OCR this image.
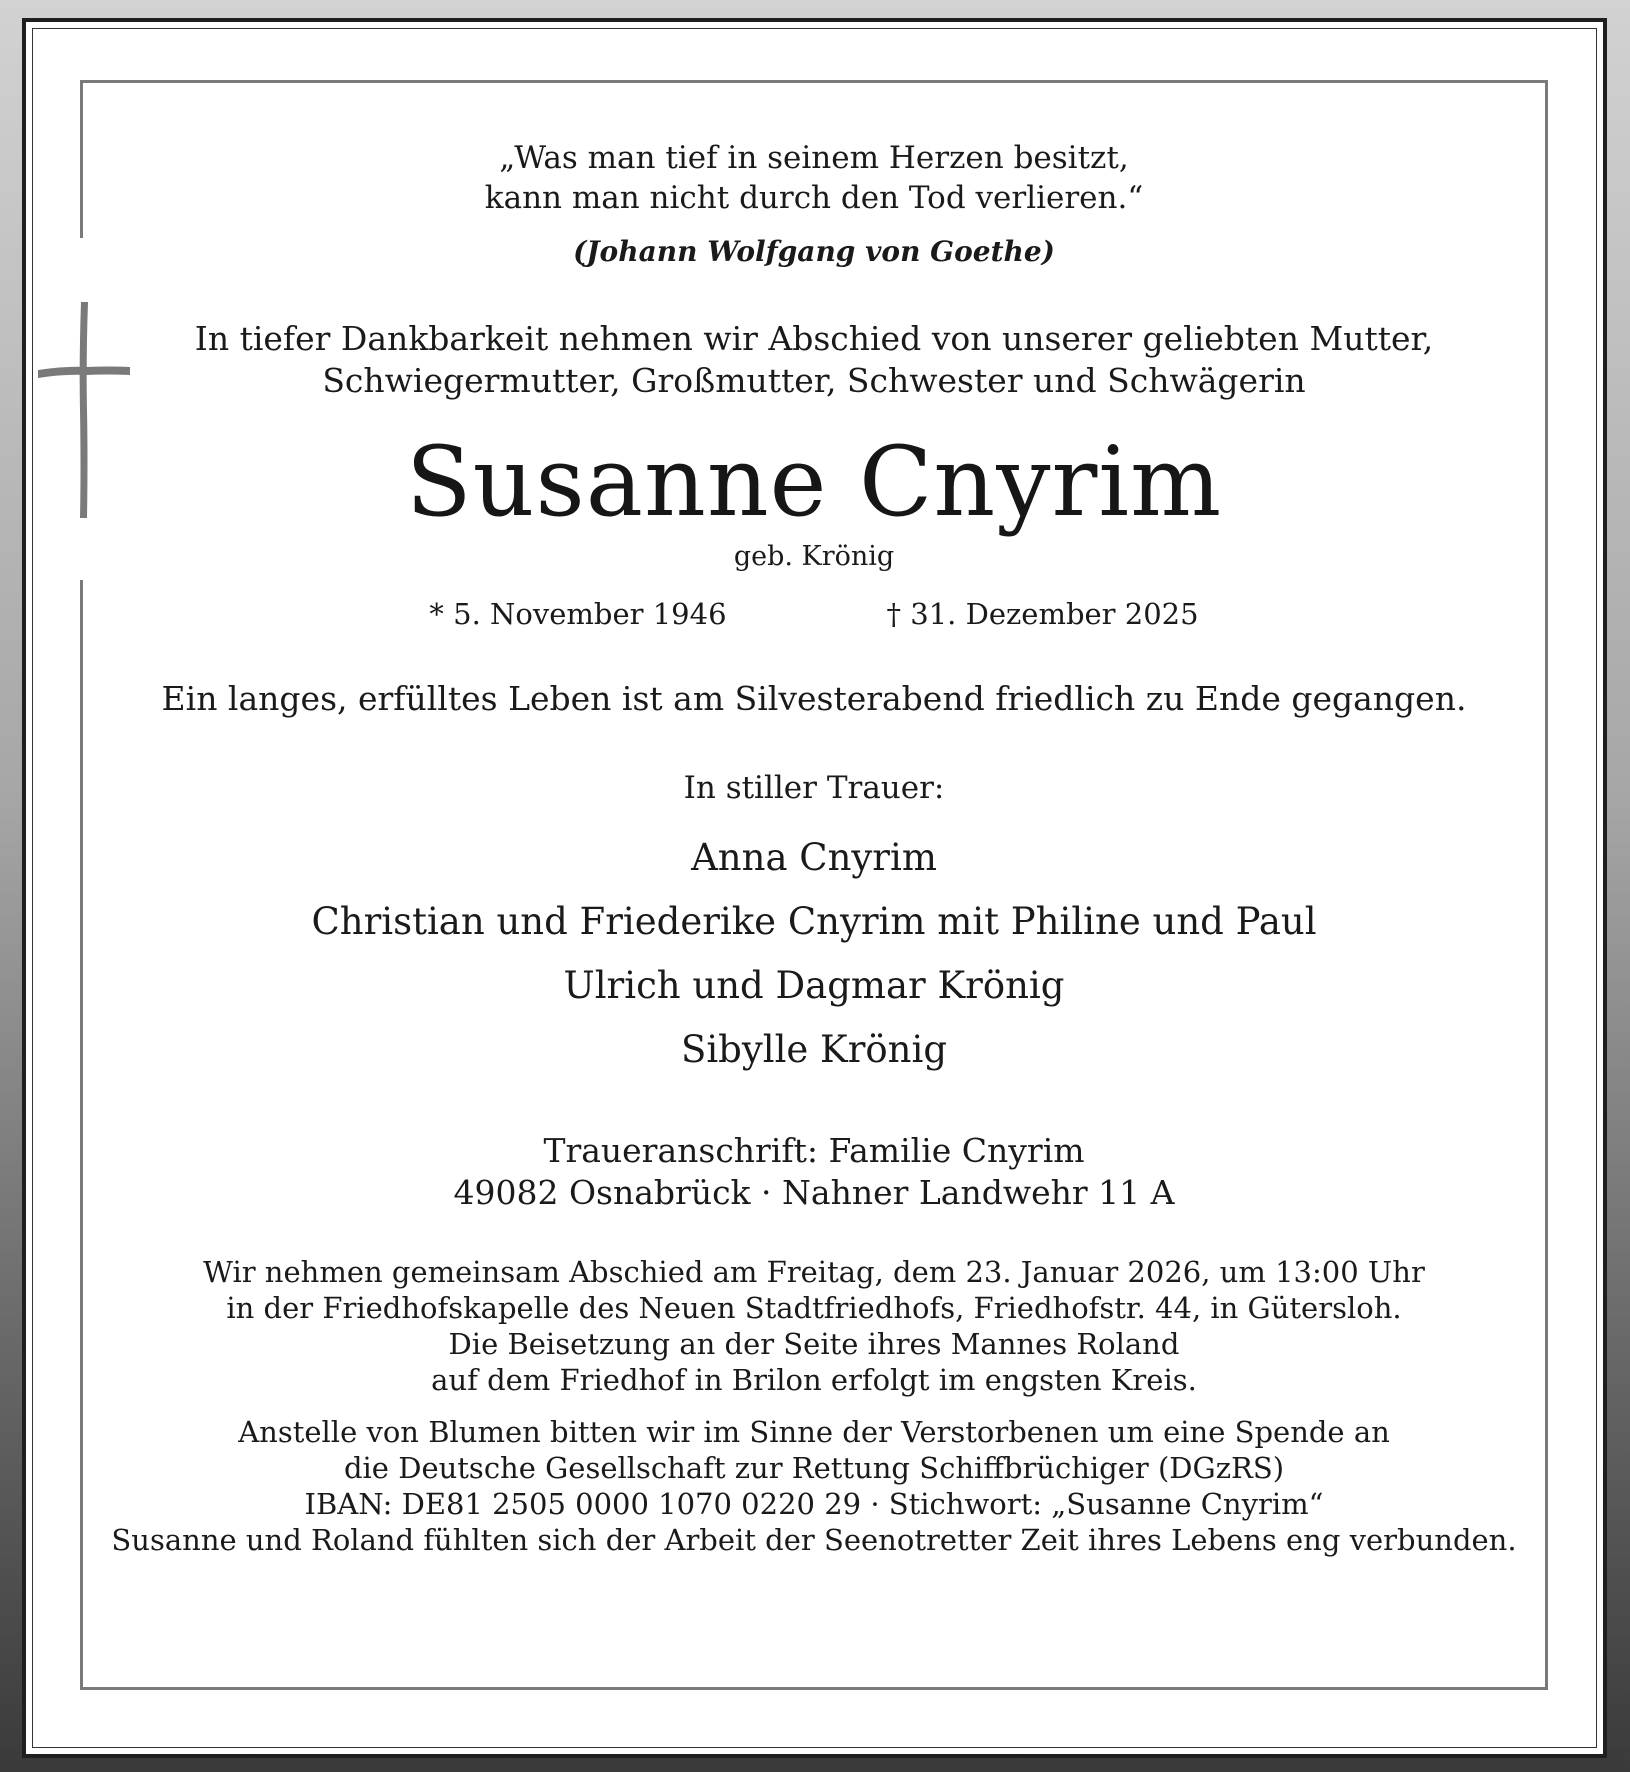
„Was man tief in seinem Herzen besitzt,
kann man nicht durch den Tod verlieren.“
(Johann Wolfgang von Goethe)
In tiefer Dankbarkeit nehmen wir Abschied von unserer geliebten Mutter,
Schwiegermutter, Großmutter, Schwester und Schwägerin
Susanne Cnyrim
geb. Krönig
* 5. November 1946	† 31. Dezember 2025
Ein langes, erfülltes Leben ist am Silvesterabend friedlich zu Ende gegangen.
In stiller Trauer:
Anna Cnyrim
Christian und Friederike Cnyrim mit Philine und Paul
Ulrich und Dagmar Krönig
Sibylle Krönig
Traueranschrift: Familie Cnyrim
49082 Osnabrück · Nahner Landwehr 11 A
Wir nehmen gemeinsam Abschied am Freitag, dem 23. Januar 2026, um 13:00 Uhr
in der Friedhofskapelle des Neuen Stadtfriedhofs, Friedhofstr. 44, in Gütersloh.
Die Beisetzung an der Seite ihres Mannes Roland
auf dem Friedhof in Brilon erfolgt im engsten Kreis.
Anstelle von Blumen bitten wir im Sinne der Verstorbenen um eine Spende an
die Deutsche Gesellschaft zur Rettung Schiffbrüchiger (DGzRS)
IBAN: DE81 2505 0000 1070 0220 29 · Stichwort: „Susanne Cnyrim“
Susanne und Roland fühlten sich der Arbeit der Seenotretter Zeit ihres Lebens eng verbunden.
